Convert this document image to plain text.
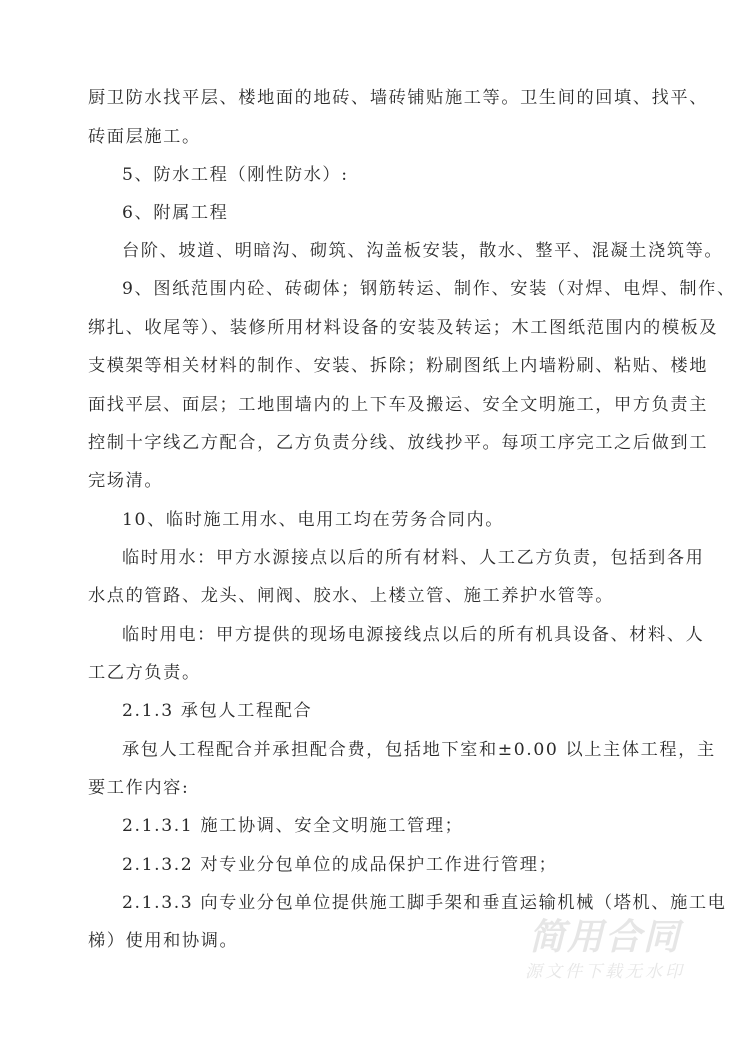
厨卫防水找平层、楼地面的地砖、墙砖铺贴施工等。卫生间的回填、找平、
砖面层施工。
5、防水工程（刚性防水）:
6、附属工程
台阶、坡道、明暗沟、砌筑、沟盖板安装，散水、整平、混凝土浇筑等。
9、图纸范围内砼、砖砌体；钢筋转运、制作、安装（对焊、电焊、制作、
绑扎、收尾等）、装修所用材料设备的安装及转运；木工图纸范围内的模板及
支模架等相关材料的制作、安装、拆除；粉刷图纸上内墙粉刷、粘贴、楼地
面找平层、面层；工地围墙内的上下车及搬运、安全文明施工，甲方负责主
控制十字线乙方配合，乙方负责分线、放线抄平。每项工序完工之后做到工
完场清。
10、临时施工用水、电用工均在劳务合同内。
临时用水：甲方水源接点以后的所有材料、人工乙方负责，包括到各用
水点的管路、龙头、闸阀、胶水、上楼立管、施工养护水管等。
临时用电：甲方提供的现场电源接线点以后的所有机具设备、材料、人
工乙方负责。
2.1.3 承包人工程配合
承包人工程配合并承担配合费，包括地下室和±0.00 以上主体工程，主
要工作内容:
2.1.3.1 施工协调、安全文明施工管理；
2.1.3.2 对专业分包单位的成品保护工作进行管理；
2.1.3.3 向专业分包单位提供施工脚手架和垂直运输机械（塔机、施工电
梯）使用和协调。	简用合同
源文件下载无水印
